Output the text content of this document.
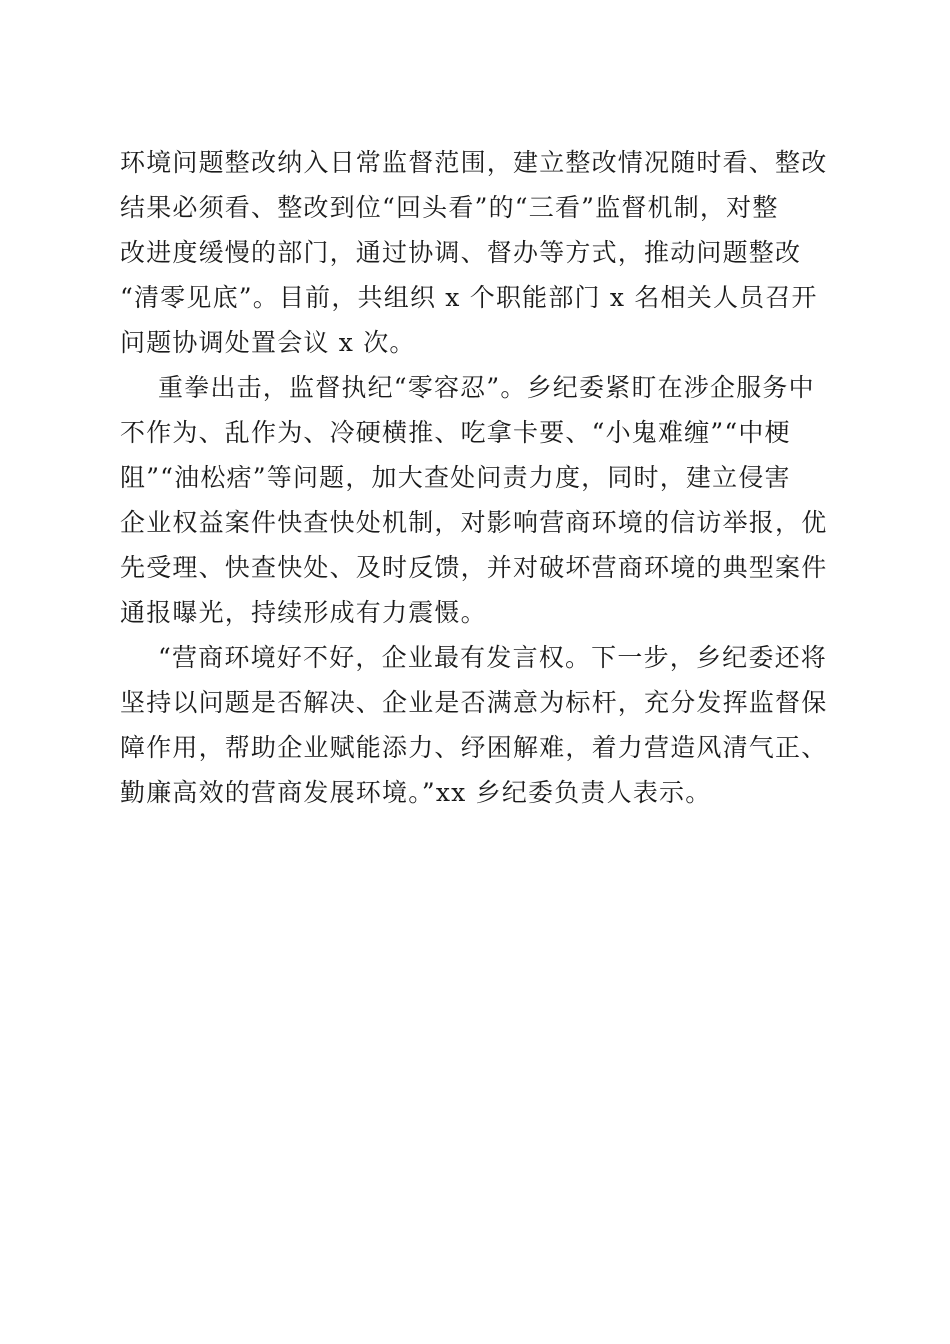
环境问题整改纳入日常监督范围，建立整改情况随时看、整改
结果必须看、整改到位“回头看”的“三看”监督机制，对整
改进度缓慢的部门，通过协调、督办等方式，推动问题整改
“清零见底”。目前，共组织 x 个职能部门 x 名相关人员召开
问题协调处置会议 x 次。
重拳出击，监督执纪“零容忍”。乡纪委紧盯在涉企服务中
不作为、乱作为、冷硬横推、吃拿卡要、“小鬼难缠”“中梗
阻”“油松痞”等问题，加大查处问责力度，同时，建立侵害
企业权益案件快查快处机制，对影响营商环境的信访举报，优
先受理、快查快处、及时反馈，并对破坏营商环境的典型案件
通报曝光，持续形成有力震慑。
“营商环境好不好，企业最有发言权。下一步，乡纪委还将
坚持以问题是否解决、企业是否满意为标杆，充分发挥监督保
障作用，帮助企业赋能添力、纾困解难，着力营造风清气正、
勤廉高效的营商发展环境。”xx 乡纪委负责人表示。
